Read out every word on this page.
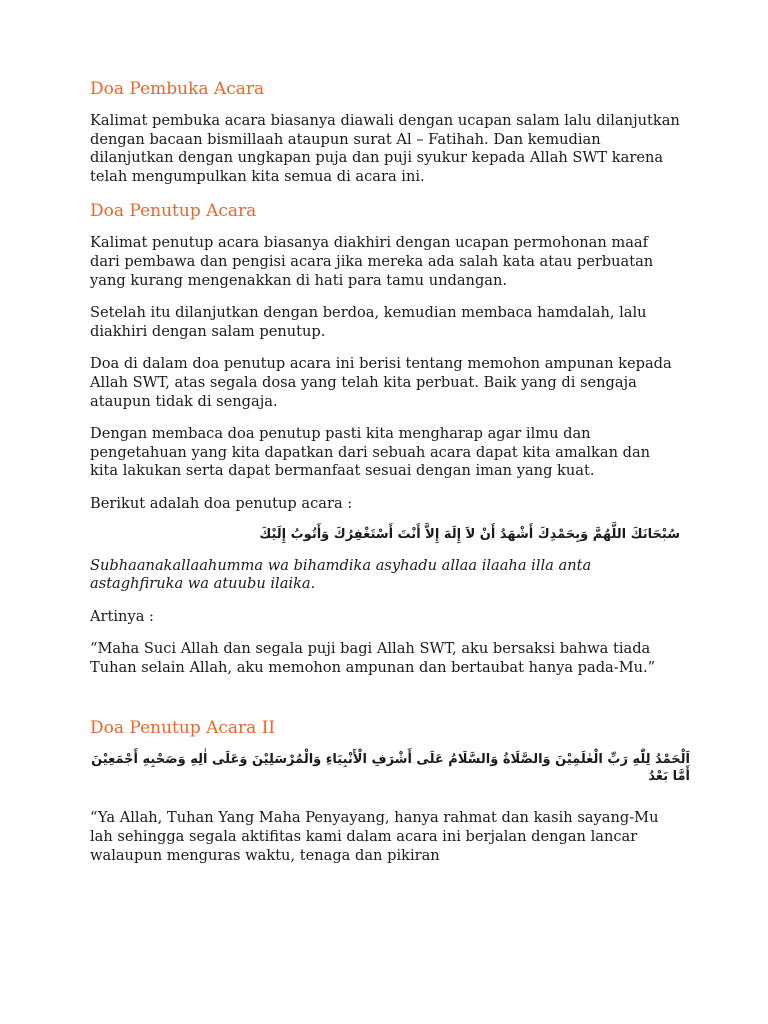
Doa Pembuka Acara

Kalimat pembuka acara biasanya diawali dengan ucapan salam lalu dilanjutkan dengan bacaan bismillaah ataupun surat Al – Fatihah. Dan kemudian dilanjutkan dengan ungkapan puja dan puji syukur kepada Allah SWT karena telah mengumpulkan kita semua di acara ini.

Doa Penutup Acara

Kalimat penutup acara biasanya diakhiri dengan ucapan permohonan maaf dari pembawa dan pengisi acara jika mereka ada salah kata atau perbuatan yang kurang mengenakkan di hati para tamu undangan.

Setelah itu dilanjutkan dengan berdoa, kemudian membaca hamdalah, lalu diakhiri dengan salam penutup.

Doa di dalam doa penutup acara ini berisi tentang memohon ampunan kepada Allah SWT, atas segala dosa yang telah kita perbuat. Baik yang di sengaja ataupun tidak di sengaja.

Dengan membaca doa penutup pasti kita mengharap agar ilmu dan pengetahuan yang kita dapatkan dari sebuah acara dapat kita amalkan dan kita lakukan serta dapat bermanfaat sesuai dengan iman yang kuat.

Berikut adalah doa penutup acara :

سُبْحَانَكَ اللَّهُمَّ وَبِحَمْدِكَ أَشْهَدُ أَنْ لاَ إِلَهَ إِلاَّ أَنْتَ أَسْتَغْفِرُكَ وَأَتُوبُ إِلَيْكَ

Subhaanakallaahumma wa bihamdika asyhadu allaa ilaaha illa anta astaghfiruka wa atuubu ilaika.

Artinya :

“Maha Suci Allah dan segala puji bagi Allah SWT, aku bersaksi bahwa tiada Tuhan selain Allah, aku memohon ampunan dan bertaubat hanya pada-Mu.”

Doa Penutup Acara II

اَلْحَمْدُ لِلّٰهِ رَبِّ الْعٰلَمِيْنَ وَالصَّلَاةُ وَالسَّلَامُ عَلَى أَشْرَفِ الْأَنْبِيَاءِ وَالْمُرْسَلِيْنَ وَعَلَى اٰلِهِ وَصَحْبِهِ أَجْمَعِيْنَ أَمَّا بَعْدُ

“Ya Allah, Tuhan Yang Maha Penyayang, hanya rahmat dan kasih sayang-Mu lah sehingga segala aktifitas kami dalam acara ini berjalan dengan lancar walaupun menguras waktu, tenaga dan pikiran
